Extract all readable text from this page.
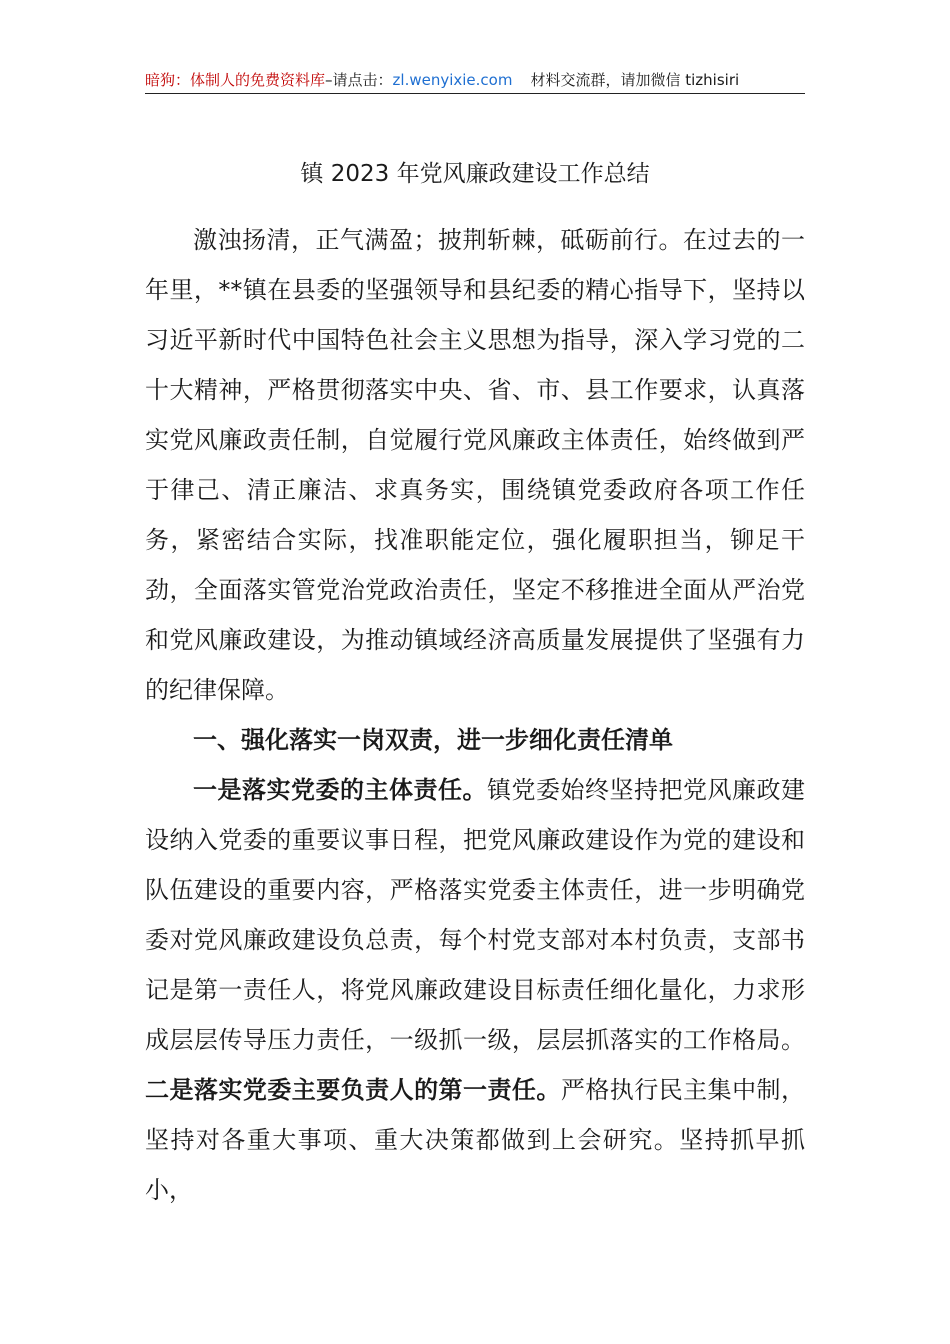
暗狗：体制人的免费资料库–请点击：zl.wenyixie.com 材料交流群，请加微信 tizhisiri
镇 2023 年党风廉政建设工作总结

激浊扬清，正气满盈；披荆斩棘，砥砺前行。在过去的一年里，**镇在县委的坚强领导和县纪委的精心指导下，坚持以习近平新时代中国特色社会主义思想为指导，深入学习党的二十大精神，严格贯彻落实中央、省、市、县工作要求，认真落实党风廉政责任制，自觉履行党风廉政主体责任，始终做到严于律己、清正廉洁、求真务实，围绕镇党委政府各项工作任务，紧密结合实际，找准职能定位，强化履职担当，铆足干劲，全面落实管党治党政治责任，坚定不移推进全面从严治党和党风廉政建设，为推动镇域经济高质量发展提供了坚强有力的纪律保障。

一、强化落实一岗双责，进一步细化责任清单

一是落实党委的主体责任。镇党委始终坚持把党风廉政建设纳入党委的重要议事日程，把党风廉政建设作为党的建设和队伍建设的重要内容，严格落实党委主体责任，进一步明确党委对党风廉政建设负总责，每个村党支部对本村负责，支部书记是第一责任人，将党风廉政建设目标责任细化量化，力求形成层层传导压力责任，一级抓一级，层层抓落实的工作格局。二是落实党委主要负责人的第一责任。严格执行民主集中制，坚持对各重大事项、重大决策都做到上会研究。坚持抓早抓小，
